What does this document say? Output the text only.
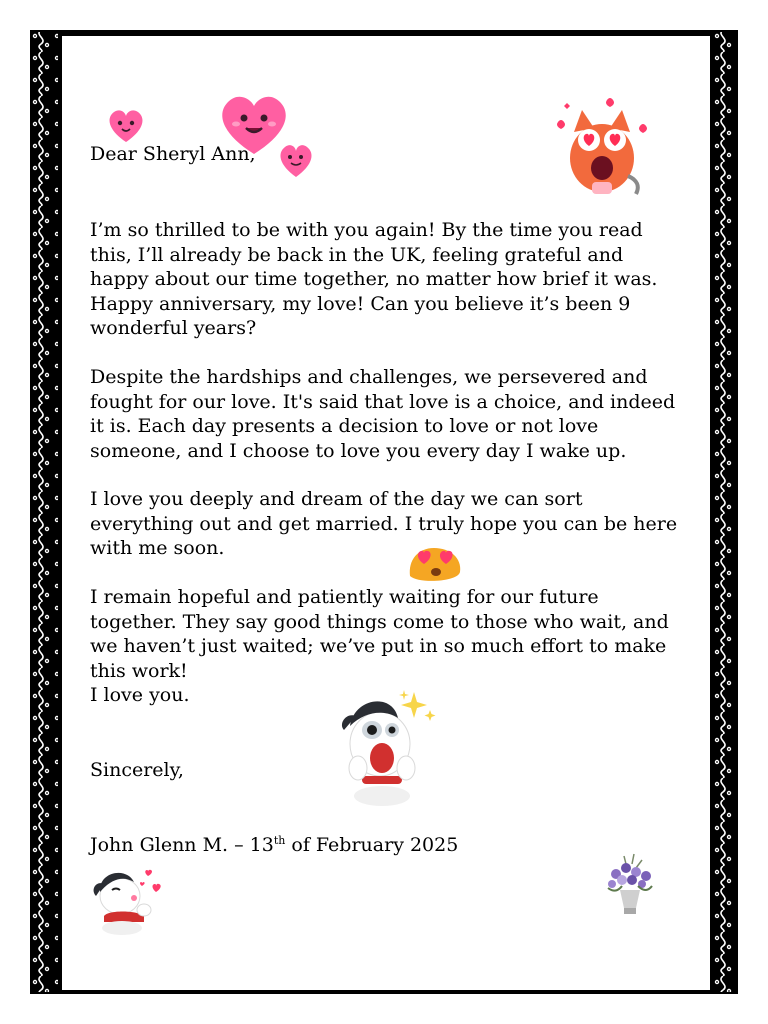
Dear Sheryl Ann,

I’m so thrilled to be with you again! By the time you read this, I’ll already be back in the UK, feeling grateful and happy about our time together, no matter how brief it was. Happy anniversary, my love! Can you believe it’s been 9 wonderful years?

Despite the hardships and challenges, we persevered and fought for our love. It's said that love is a choice, and indeed it is. Each day presents a decision to love or not love someone, and I choose to love you every day I wake up.

I love you deeply and dream of the day we can sort everything out and get married. I truly hope you can be here with me soon.

I remain hopeful and patiently waiting for our future together. They say good things come to those who wait, and we haven’t just waited; we’ve put in so much effort to make this work!

I love you.
Sincerely,
John Glenn M. – 13th of February 2025
